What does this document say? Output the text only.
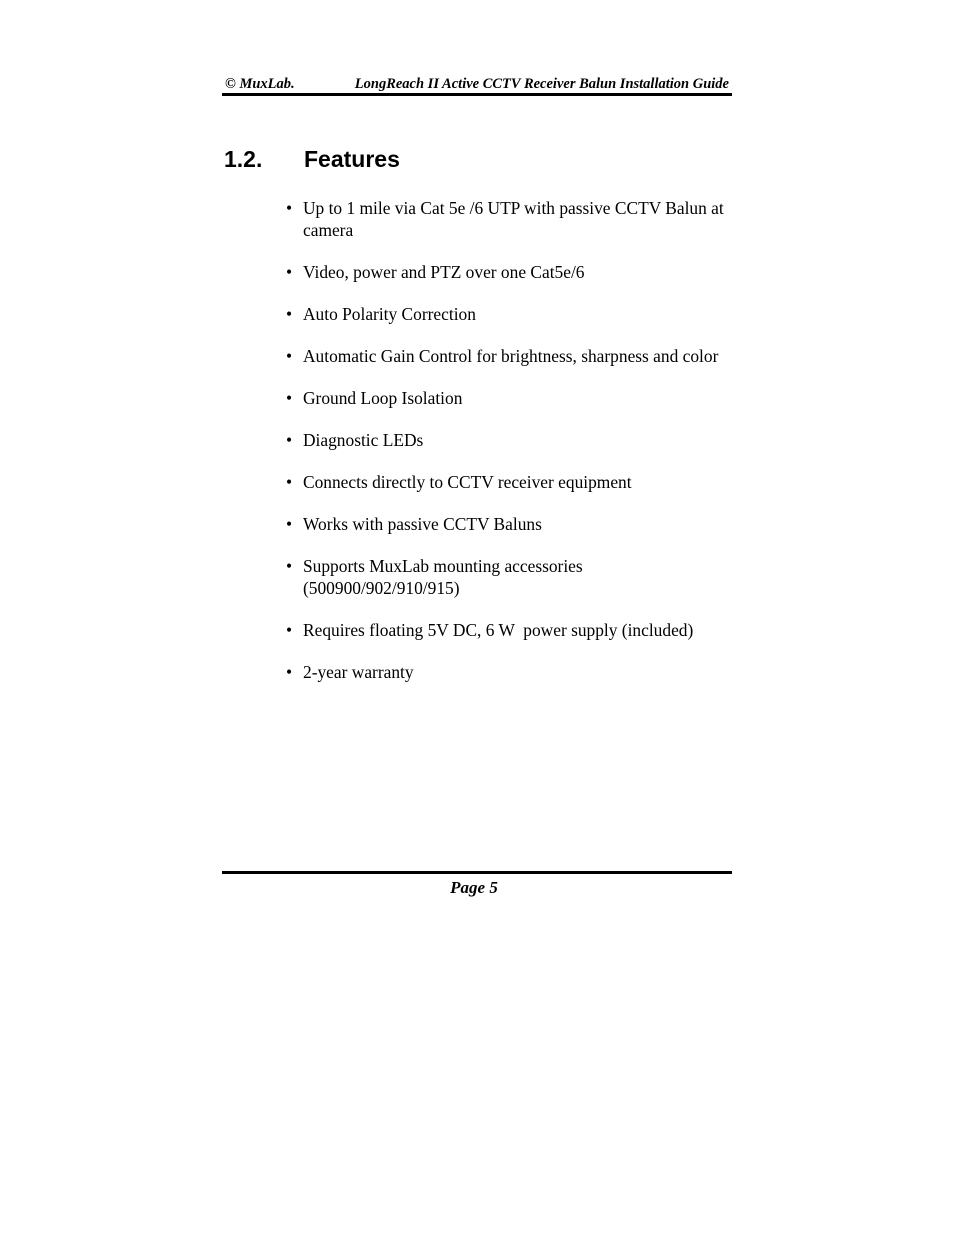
© MuxLab.	LongReach II Active CCTV Receiver Balun Installation Guide
1.2. Features
• Up to 1 mile via Cat 5e /6 UTP with passive CCTV Balun at camera
• Video, power and PTZ over one Cat5e/6
• Auto Polarity Correction
• Automatic Gain Control for brightness, sharpness and color
• Ground Loop Isolation
• Diagnostic LEDs
• Connects directly to CCTV receiver equipment
• Works with passive CCTV Baluns
• Supports MuxLab mounting accessories (500900/902/910/915)
• Requires floating 5V DC, 6 W  power supply (included)
• 2-year warranty
Page 5
